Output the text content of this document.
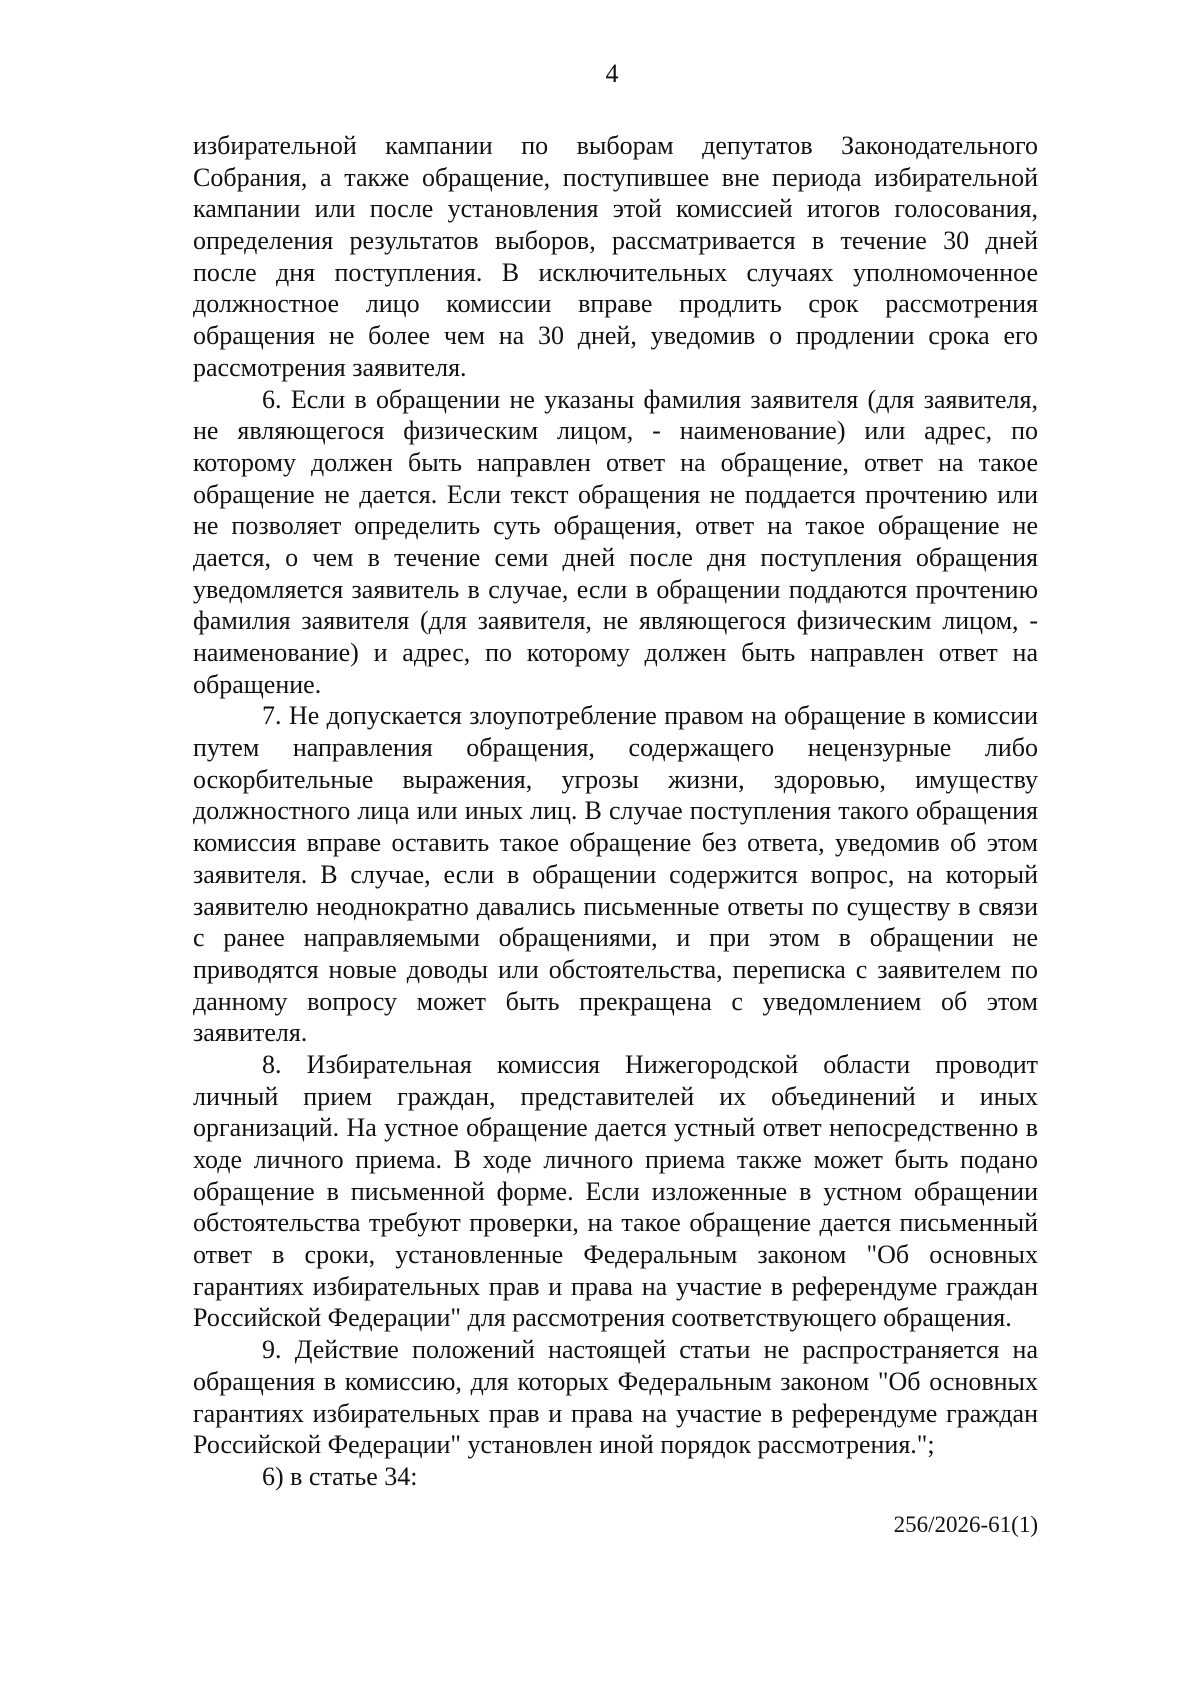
4
избирательной кампании по выборам депутатов Законодательного
Собрания, а также обращение, поступившее вне периода избирательной
кампании или после установления этой комиссией итогов голосования,
определения результатов выборов, рассматривается в течение 30 дней
после дня поступления. В исключительных случаях уполномоченное
должностное лицо комиссии вправе продлить срок рассмотрения
обращения не более чем на 30 дней, уведомив о продлении срока его
рассмотрения заявителя.
6. Если в обращении не указаны фамилия заявителя (для заявителя,
не являющегося физическим лицом, - наименование) или адрес, по
которому должен быть направлен ответ на обращение, ответ на такое
обращение не дается. Если текст обращения не поддается прочтению или
не позволяет определить суть обращения, ответ на такое обращение не
дается, о чем в течение семи дней после дня поступления обращения
уведомляется заявитель в случае, если в обращении поддаются прочтению
фамилия заявителя (для заявителя, не являющегося физическим лицом, -
наименование) и адрес, по которому должен быть направлен ответ на
обращение.
7. Не допускается злоупотребление правом на обращение в комиссии
путем направления обращения, содержащего нецензурные либо
оскорбительные выражения, угрозы жизни, здоровью, имуществу
должностного лица или иных лиц. В случае поступления такого обращения
комиссия вправе оставить такое обращение без ответа, уведомив об этом
заявителя. В случае, если в обращении содержится вопрос, на который
заявителю неоднократно давались письменные ответы по существу в связи
с ранее направляемыми обращениями, и при этом в обращении не
приводятся новые доводы или обстоятельства, переписка с заявителем по
данному вопросу может быть прекращена с уведомлением об этом
заявителя.
8. Избирательная комиссия Нижегородской области проводит
личный прием граждан, представителей их объединений и иных
организаций. На устное обращение дается устный ответ непосредственно в
ходе личного приема. В ходе личного приема также может быть подано
обращение в письменной форме. Если изложенные в устном обращении
обстоятельства требуют проверки, на такое обращение дается письменный
ответ в сроки, установленные Федеральным законом "Об основных
гарантиях избирательных прав и права на участие в референдуме граждан
Российской Федерации" для рассмотрения соответствующего обращения.
9. Действие положений настоящей статьи не распространяется на
обращения в комиссию, для которых Федеральным законом "Об основных
гарантиях избирательных прав и права на участие в референдуме граждан
Российской Федерации" установлен иной порядок рассмотрения.";
6) в статье 34:
256/2026-61(1)
